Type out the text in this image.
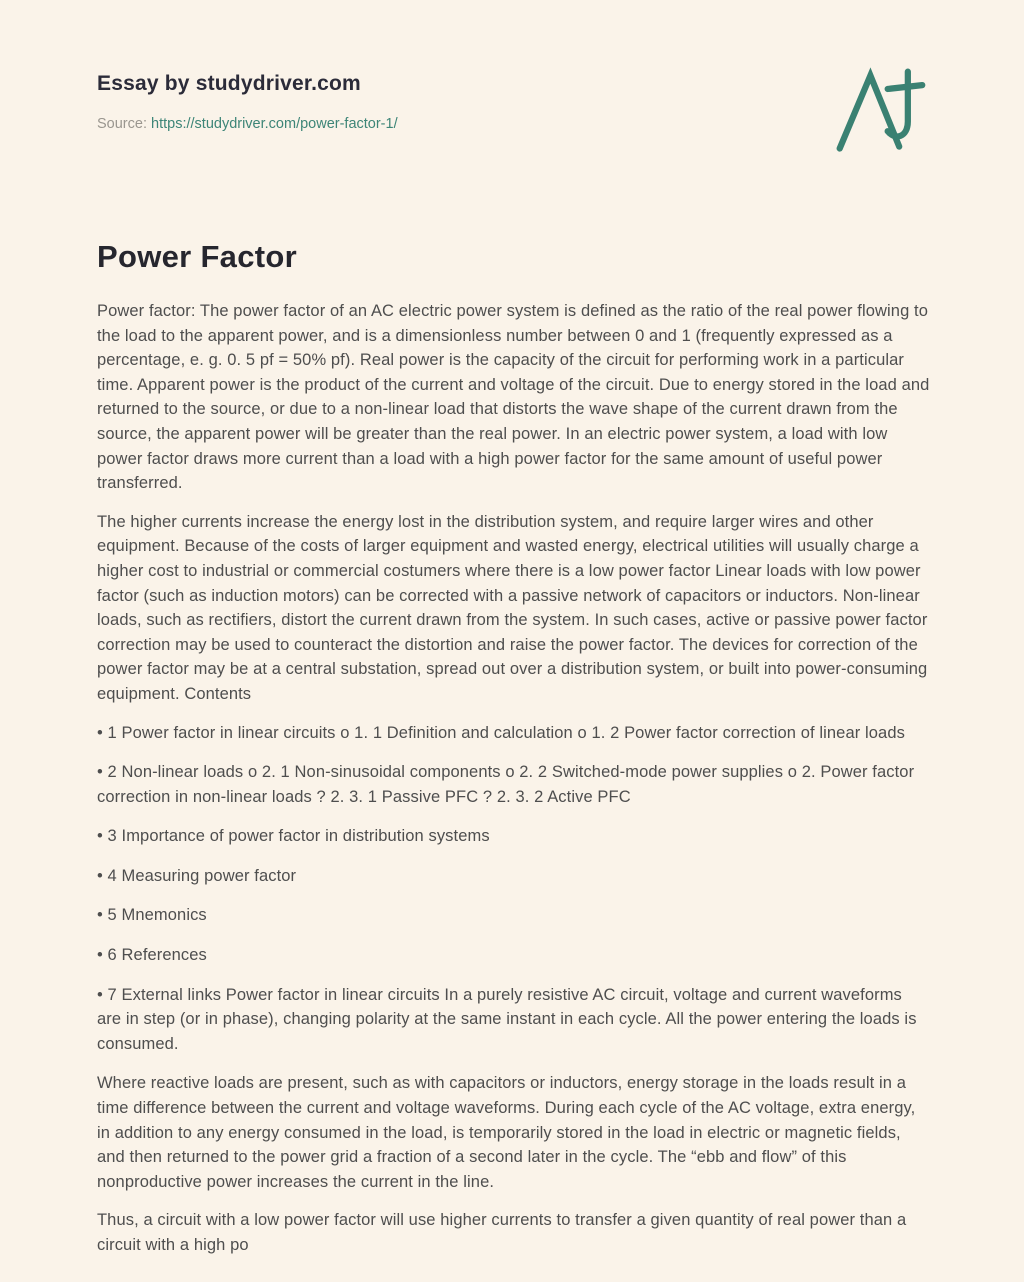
Essay by studydriver.com
Source: https://studydriver.com/power-factor-1/
Power Factor

Power factor: The power factor of an AC electric power system is defined as the ratio of the real power flowing to the load to the apparent power, and is a dimensionless number between 0 and 1 (frequently expressed as a percentage, e. g. 0. 5 pf = 50% pf). Real power is the capacity of the circuit for performing work in a particular time. Apparent power is the product of the current and voltage of the circuit. Due to energy stored in the load and returned to the source, or due to a non-linear load that distorts the wave shape of the current drawn from the source, the apparent power will be greater than the real power. In an electric power system, a load with low power factor draws more current than a load with a high power factor for the same amount of useful power transferred.

The higher currents increase the energy lost in the distribution system, and require larger wires and other equipment. Because of the costs of larger equipment and wasted energy, electrical utilities will usually charge a higher cost to industrial or commercial costumers where there is a low power factor Linear loads with low power factor (such as induction motors) can be corrected with a passive network of capacitors or inductors. Non-linear loads, such as rectifiers, distort the current drawn from the system. In such cases, active or passive power factor correction may be used to counteract the distortion and raise the power factor. The devices for correction of the power factor may be at a central substation, spread out over a distribution system, or built into power-consuming equipment. Contents

• 1 Power factor in linear circuits o 1. 1 Definition and calculation o 1. 2 Power factor correction of linear loads

• 2 Non-linear loads o 2. 1 Non-sinusoidal components o 2. 2 Switched-mode power supplies o 2. Power factor correction in non-linear loads ? 2. 3. 1 Passive PFC ? 2. 3. 2 Active PFC

• 3 Importance of power factor in distribution systems

• 4 Measuring power factor

• 5 Mnemonics

• 6 References

• 7 External links Power factor in linear circuits In a purely resistive AC circuit, voltage and current waveforms are in step (or in phase), changing polarity at the same instant in each cycle. All the power entering the loads is consumed.

Where reactive loads are present, such as with capacitors or inductors, energy storage in the loads result in a time difference between the current and voltage waveforms. During each cycle of the AC voltage, extra energy, in addition to any energy consumed in the load, is temporarily stored in the load in electric or magnetic fields, and then returned to the power grid a fraction of a second later in the cycle. The “ebb and flow” of this nonproductive power increases the current in the line.

Thus, a circuit with a low power factor will use higher currents to transfer a given quantity of real power than a circuit with a high po
